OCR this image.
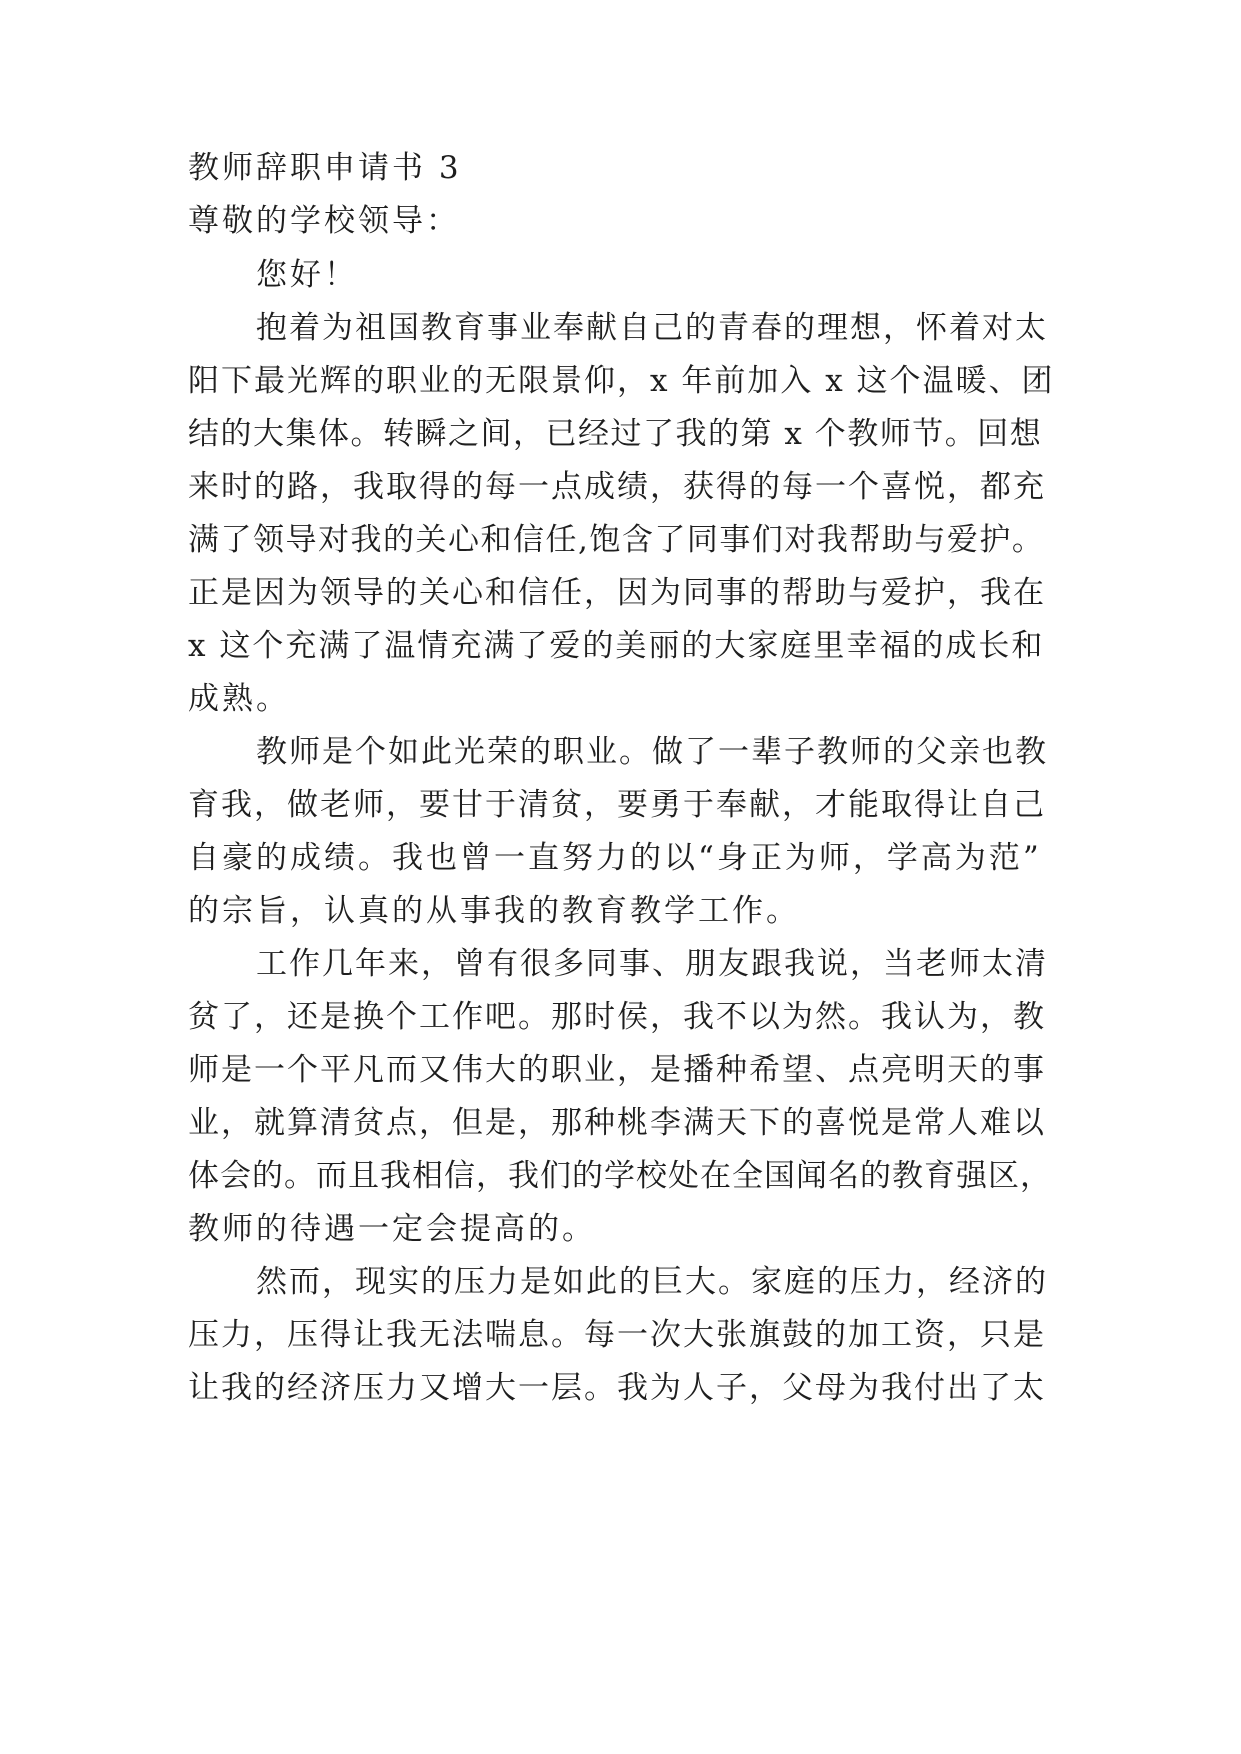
教师辞职申请书 3
尊敬的学校领导：
您好！
抱着为祖国教育事业奉献自己的青春的理想，怀着对太
阳下最光辉的职业的无限景仰，x 年前加入 x 这个温暖、团
结的大集体。转瞬之间，已经过了我的第 x 个教师节。回想
来时的路，我取得的每一点成绩，获得的每一个喜悦，都充
满了领导对我的关心和信任,饱含了同事们对我帮助与爱护。
正是因为领导的关心和信任，因为同事的帮助与爱护，我在
x 这个充满了温情充满了爱的美丽的大家庭里幸福的成长和
成熟。
教师是个如此光荣的职业。做了一辈子教师的父亲也教
育我，做老师，要甘于清贫，要勇于奉献，才能取得让自己
自豪的成绩。我也曾一直努力的以“身正为师，学高为范”
的宗旨，认真的从事我的教育教学工作。
工作几年来，曾有很多同事、朋友跟我说，当老师太清
贫了，还是换个工作吧。那时侯，我不以为然。我认为，教
师是一个平凡而又伟大的职业，是播种希望、点亮明天的事
业，就算清贫点，但是，那种桃李满天下的喜悦是常人难以
体会的。而且我相信，我们的学校处在全国闻名的教育强区，
教师的待遇一定会提高的。
然而，现实的压力是如此的巨大。家庭的压力，经济的
压力，压得让我无法喘息。每一次大张旗鼓的加工资，只是
让我的经济压力又增大一层。我为人子，父母为我付出了太
